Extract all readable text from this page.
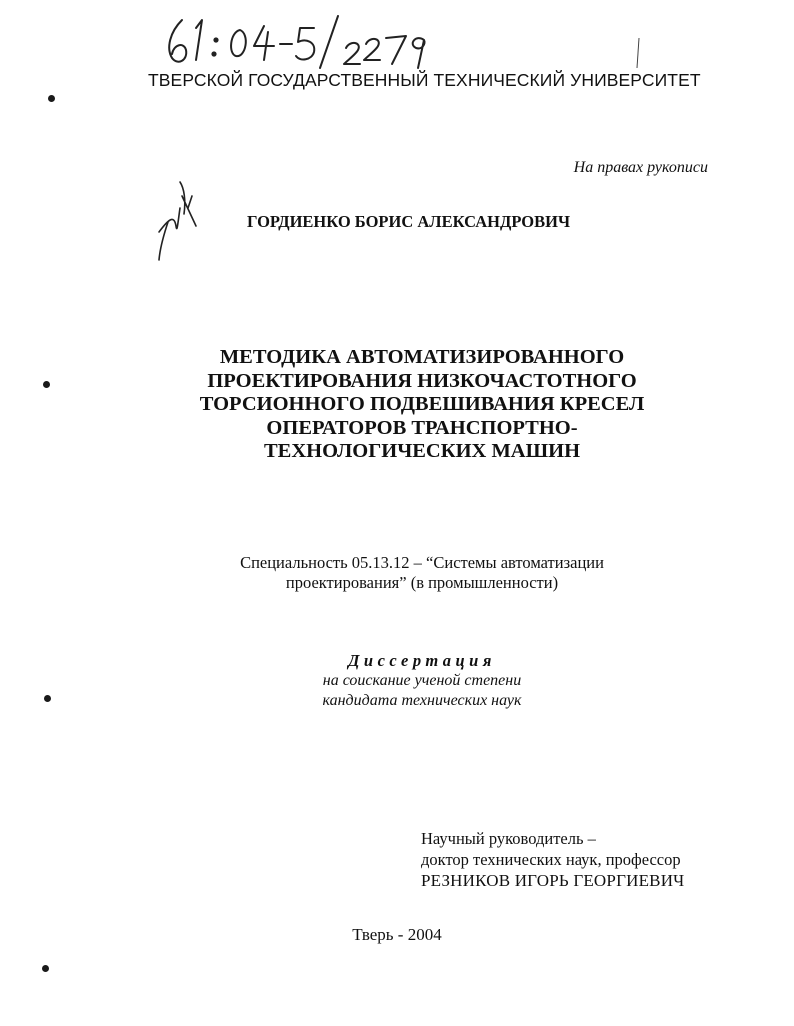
ТВЕРСКОЙ ГОСУДАРСТВЕННЫЙ ТЕХНИЧЕСКИЙ УНИВЕРСИТЕТ
На правах рукописи
ГОРДИЕНКО БОРИС АЛЕКСАНДРОВИЧ
МЕТОДИКА АВТОМАТИЗИРОВАННОГО
ПРОЕКТИРОВАНИЯ НИЗКОЧАСТОТНОГО
ТОРСИОННОГО ПОДВЕШИВАНИЯ КРЕСЕЛ
ОПЕРАТОРОВ ТРАНСПОРТНО-
ТЕХНОЛОГИЧЕСКИХ МАШИН
Специальность 05.13.12 – “Системы автоматизации
проектирования” (в промышленности)
Диссертация
на соискание ученой степени
кандидата технических наук
Научный руководитель –
доктор технических наук, профессор
РЕЗНИКОВ ИГОРЬ ГЕОРГИЕВИЧ
Тверь - 2004
